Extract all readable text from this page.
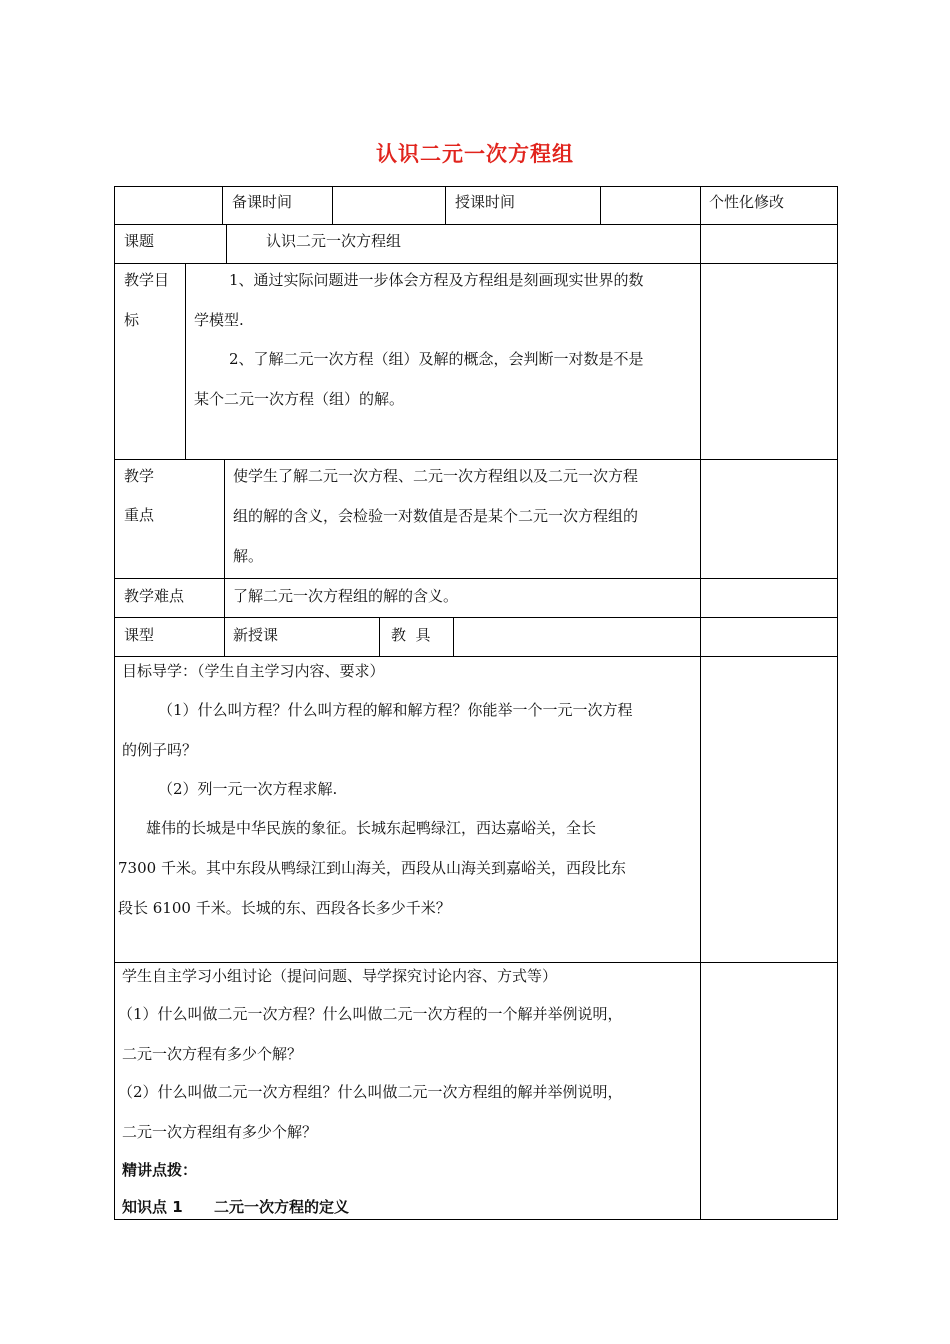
认识二元一次方程组
备课时间	授课时间	个性化修改
课题	认识二元一次方程组
教学目
标
1、通过实际问题进一步体会方程及方程组是刻画现实世界的数
学模型.
2、了解二元一次方程（组）及解的概念，会判断一对数是不是
某个二元一次方程（组）的解。
教学
重点
使学生了解二元一次方程、二元一次方程组以及二元一次方程
组的解的含义，会检验一对数值是否是某个二元一次方程组的
解。
教学难点	了解二元一次方程组的解的含义。
课型	新授课	教  具
目标导学：（学生自主学习内容、要求）
（1）什么叫方程？什么叫方程的解和解方程？你能举一个一元一次方程
的例子吗？
（2）列一元一次方程求解.
雄伟的长城是中华民族的象征。长城东起鸭绿江，西达嘉峪关，全长
7300 千米。其中东段从鸭绿江到山海关，西段从山海关到嘉峪关，西段比东
段长 6100 千米。长城的东、西段各长多少千米？
学生自主学习小组讨论（提问问题、导学探究讨论内容、方式等）
（1）什么叫做二元一次方程？什么叫做二元一次方程的一个解并举例说明，
二元一次方程有多少个解？
（2）什么叫做二元一次方程组？什么叫做二元一次方程组的解并举例说明，
二元一次方程组有多少个解？
精讲点拨：
知识点 1      二元一次方程的定义
